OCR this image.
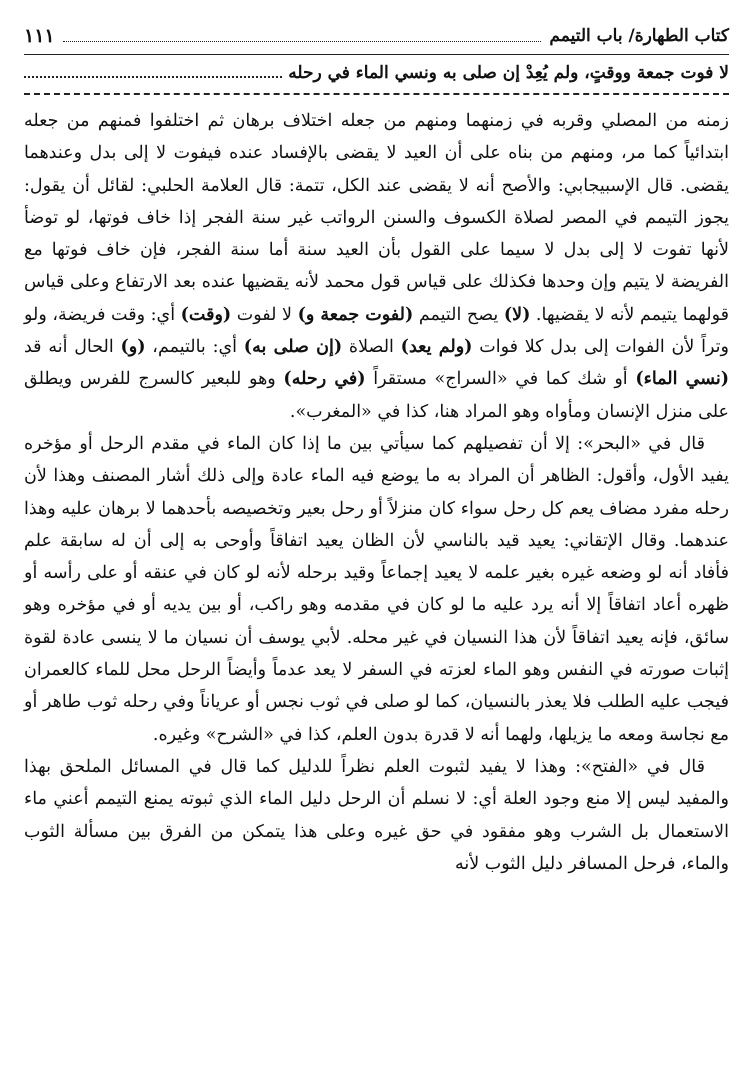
كتاب الطهارة/ باب التيمم
١١١
لا فوت جمعة ووقتٍ، ولم يُعِدْ إن صلى به ونسي الماء في رحله

زمنه من المصلي وقربه في زمنهما ومنهم من جعله اختلاف برهان ثم اختلفوا فمنهم من جعله ابتدائياً كما مر، ومنهم من بناه على أن العيد لا يقضى بالإفساد عنده فيفوت لا إلى بدل وعندهما يقضى. قال الإسبيجابي: والأصح أنه لا يقضى عند الكل، تتمة: قال العلامة الحلبي: لقائل أن يقول: يجوز التيمم في المصر لصلاة الكسوف والسنن الرواتب غير سنة الفجر إذا خاف فوتها، لو توضأ لأنها تفوت لا إلى بدل لا سيما على القول بأن العيد سنة أما سنة الفجر، فإن خاف فوتها مع الفريضة لا يتيم وإن وحدها فكذلك على قياس قول محمد لأنه يقضيها عنده بعد الارتفاع وعلى قياس قولهما يتيمم لأنه لا يقضيها. (لا) يصح التيمم (لفوت جمعة و) لا لفوت (وقت) أي: وقت فريضة، ولو وتراً لأن الفوات إلى بدل كلا فوات (ولم يعد) الصلاة (إن صلى به) أي: بالتيمم، (و) الحال أنه قد (نسي الماء) أو شك كما في «السراج» مستقراً (في رحله) وهو للبعير كالسرج للفرس ويطلق على منزل الإنسان ومأواه وهو المراد هنا، كذا في «المغرب».

قال في «البحر»: إلا أن تفصيلهم كما سيأتي بين ما إذا كان الماء في مقدم الرحل أو مؤخره يفيد الأول، وأقول: الظاهر أن المراد به ما يوضع فيه الماء عادة وإلى ذلك أشار المصنف وهذا لأن رحله مفرد مضاف يعم كل رحل سواء كان منزلاً أو رحل بعير وتخصيصه بأحدهما لا برهان عليه وهذا عندهما. وقال الإتقاني: يعيد قيد بالناسي لأن الظان يعيد اتفاقاً وأوحى به إلى أن له سابقة علم فأفاد أنه لو وضعه غيره بغير علمه لا يعيد إجماعاً وقيد برحله لأنه لو كان في عنقه أو على رأسه أو ظهره أعاد اتفاقاً إلا أنه يرد عليه ما لو كان في مقدمه وهو راكب، أو بين يديه أو في مؤخره وهو سائق، فإنه يعيد اتفاقاً لأن هذا النسيان في غير محله. لأبي يوسف أن نسيان ما لا ينسى عادة لقوة إثبات صورته في النفس وهو الماء لعزته في السفر لا يعد عدماً وأيضاً الرحل محل للماء كالعمران فيجب عليه الطلب فلا يعذر بالنسيان، كما لو صلى في ثوب نجس أو عرياناً وفي رحله ثوب طاهر أو مع نجاسة ومعه ما يزيلها، ولهما أنه لا قدرة بدون العلم، كذا في «الشرح» وغيره.

قال في «الفتح»: وهذا لا يفيد لثبوت العلم نظراً للدليل كما قال في المسائل الملحق بهذا والمفيد ليس إلا منع وجود العلة أي: لا نسلم أن الرحل دليل الماء الذي ثبوته يمنع التيمم أعني ماء الاستعمال بل الشرب وهو مفقود في حق غيره وعلى هذا يتمكن من الفرق بين مسألة الثوب والماء، فرحل المسافر دليل الثوب لأنه
